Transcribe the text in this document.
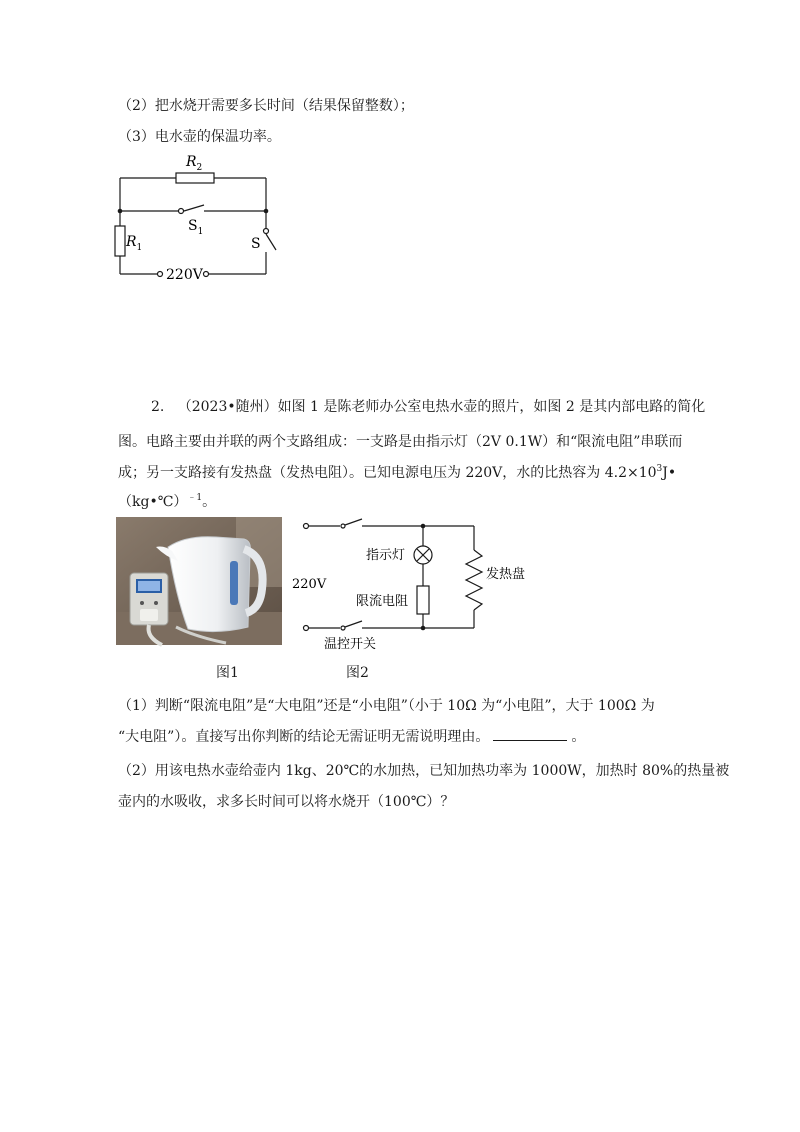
（2）把水烧开需要多长时间（结果保留整数）；
（3）电水壶的保温功率。
$R_2$
$R_1$
$S_1$
S
220V
2. （2023•随州）如图 1 是陈老师办公室电热水壶的照片，如图 2 是其内部电路的简化
图。电路主要由并联的两个支路组成：一支路是由指示灯（2V 0.1W）和“限流电阻”串联而
成；另一支路接有发热盘（发热电阻）。已知电源电压为 220V，水的比热容为 $4.2\times 10^3J•$
（kg•℃）$^{﹣1}$。
220V
指示灯
限流电阻
发热盘
温控开关
图1	图2
（1）判断“限流电阻”是“大电阻”还是“小电阻”（小于 10Ω 为“小电阻”，大于 100Ω 为
“大电阻”）。直接写出你判断的结论无需证明无需说明理由。	。
（2）用该电热水壶给壶内 1kg、20℃的水加热，已知加热功率为 1000W，加热时 80%的热量被
壶内的水吸收，求多长时间可以将水烧开（100℃）？
